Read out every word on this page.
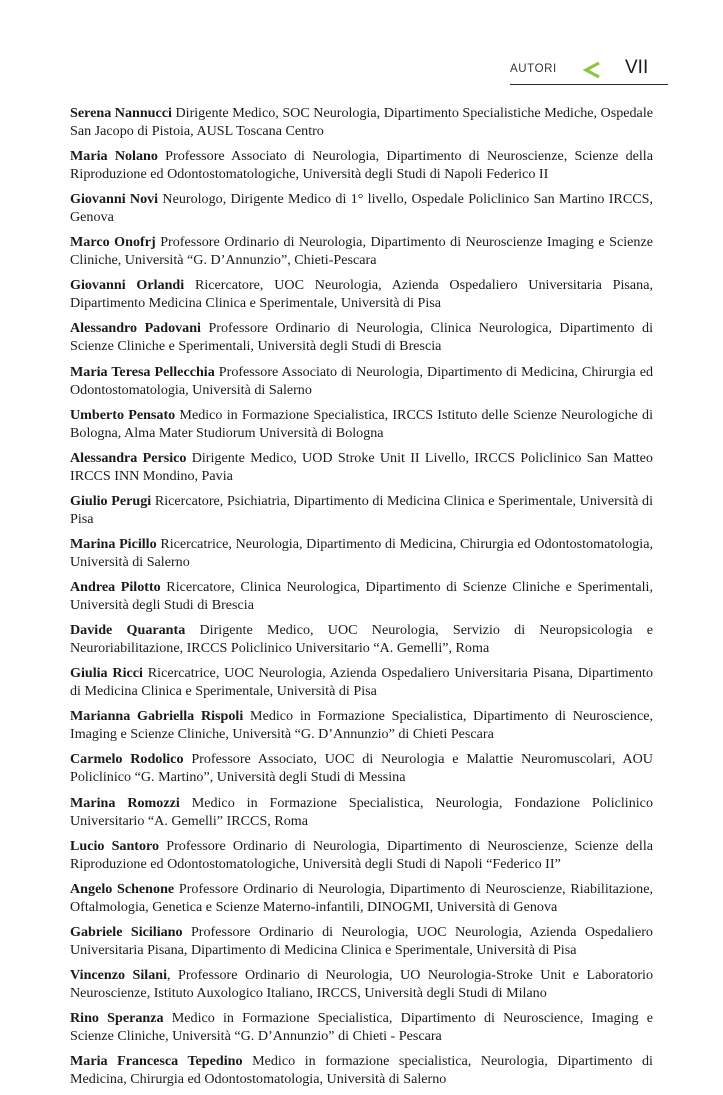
AUTORI	VII

Serena Nannucci Dirigente Medico, SOC Neurologia, Dipartimento Specialistiche Mediche, Ospedale San Jacopo di Pistoia, AUSL Toscana Centro

Maria Nolano Professore Associato di Neurologia, Dipartimento di Neuroscienze, Scienze della Riproduzione ed Odontostomatologiche, Università degli Studi di Napoli Federico II

Giovanni Novi Neurologo, Dirigente Medico di 1° livello, Ospedale Policlinico San Martino IRCCS, Genova

Marco Onofrj Professore Ordinario di Neurologia, Dipartimento di Neuroscienze Imaging e Scienze Cliniche, Università “G. D’Annunzio”, Chieti-Pescara

Giovanni Orlandi Ricercatore, UOC Neurologia, Azienda Ospedaliero Universitaria Pisana, Dipartimento Medicina Clinica e Sperimentale, Università di Pisa

Alessandro Padovani Professore Ordinario di Neurologia, Clinica Neurologica, Dipartimento di Scienze Cliniche e Sperimentali, Università degli Studi di Brescia

Maria Teresa Pellecchia Professore Associato di Neurologia, Dipartimento di Medicina, Chirurgia ed Odontostomatologia, Università di Salerno

Umberto Pensato Medico in Formazione Specialistica, IRCCS Istituto delle Scienze Neurologiche di Bologna, Alma Mater Studiorum Università di Bologna

Alessandra Persico Dirigente Medico, UOD Stroke Unit II Livello, IRCCS Policlinico San Matteo IRCCS INN Mondino, Pavia

Giulio Perugi Ricercatore, Psichiatria, Dipartimento di Medicina Clinica e Sperimentale, Università di Pisa

Marina Picillo Ricercatrice, Neurologia, Dipartimento di Medicina, Chirurgia ed Odontostomatologia, Università di Salerno

Andrea Pilotto Ricercatore, Clinica Neurologica, Dipartimento di Scienze Cliniche e Sperimentali, Università degli Studi di Brescia

Davide Quaranta Dirigente Medico, UOC Neurologia, Servizio di Neuropsicologia e Neuroriabilitazione, IRCCS Policlinico Universitario “A. Gemelli”, Roma

Giulia Ricci Ricercatrice, UOC Neurologia, Azienda Ospedaliero Universitaria Pisana, Dipartimento di Medicina Clinica e Sperimentale, Università di Pisa

Marianna Gabriella Rispoli Medico in Formazione Specialistica, Dipartimento di Neuroscience, Imaging e Scienze Cliniche, Università “G. D’Annunzio” di Chieti Pescara

Carmelo Rodolico Professore Associato, UOC di Neurologia e Malattie Neuromuscolari, AOU Policlinico “G. Martino”, Università degli Studi di Messina

Marina Romozzi Medico in Formazione Specialistica, Neurologia, Fondazione Policlinico Universitario “A. Gemelli” IRCCS, Roma

Lucio Santoro Professore Ordinario di Neurologia, Dipartimento di Neuroscienze, Scienze della Riproduzione ed Odontostomatologiche, Università degli Studi di Napoli “Federico II”

Angelo Schenone Professore Ordinario di Neurologia, Dipartimento di Neuroscienze, Riabilitazione, Oftalmologia, Genetica e Scienze Materno-infantili, DINOGMI, Università di Genova

Gabriele Siciliano Professore Ordinario di Neurologia, UOC Neurologia, Azienda Ospedaliero Universitaria Pisana, Dipartimento di Medicina Clinica e Sperimentale, Università di Pisa

Vincenzo Silani, Professore Ordinario di Neurologia, UO Neurologia-Stroke Unit e Laboratorio Neuroscienze, Istituto Auxologico Italiano, IRCCS, Università degli Studi di Milano

Rino Speranza Medico in Formazione Specialistica, Dipartimento di Neuroscience, Imaging e Scienze Cliniche, Università “G. D’Annunzio” di Chieti - Pescara

Maria Francesca Tepedino Medico in formazione specialistica, Neurologia, Dipartimento di Medicina, Chirurgia ed Odontostomatologia, Università di Salerno
